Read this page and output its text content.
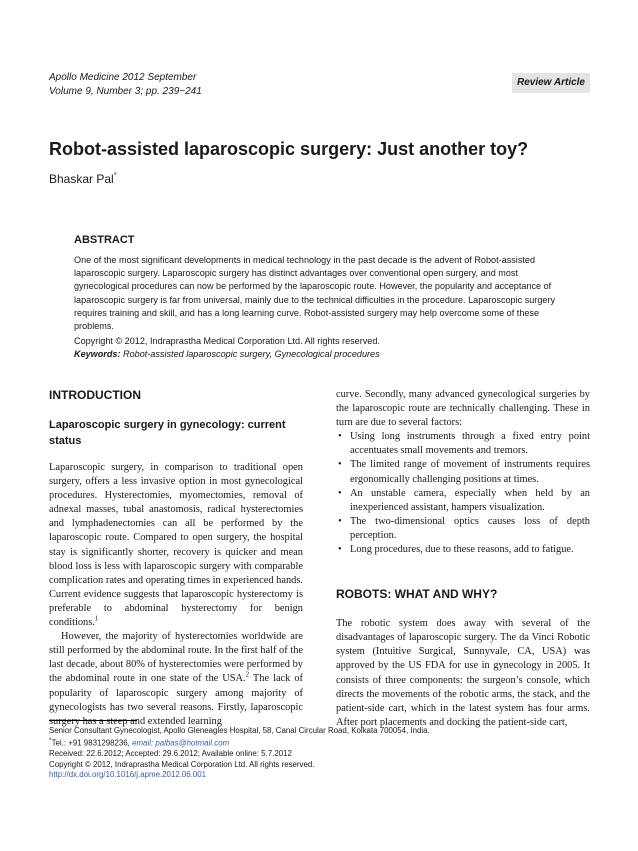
Apollo Medicine 2012 September
Volume 9, Number 3; pp. 239−241
Review Article
Robot-assisted laparoscopic surgery: Just another toy?
Bhaskar Pal*
ABSTRACT

One of the most significant developments in medical technology in the past decade is the advent of Robot-assisted laparoscopic surgery. Laparoscopic surgery has distinct advantages over conventional open surgery, and most gynecological procedures can now be performed by the laparoscopic route. However, the popularity and acceptance of laparoscopic surgery is far from universal, mainly due to the technical difficulties in the procedure. Laparoscopic surgery requires training and skill, and has a long learning curve. Robot-assisted surgery may help overcome some of these problems.

Copyright © 2012, Indraprastha Medical Corporation Ltd. All rights reserved.

Keywords: Robot-assisted laparoscopic surgery, Gynecological procedures

INTRODUCTION
Laparoscopic surgery in gynecology: current status

Laparoscopic surgery, in comparison to traditional open surgery, offers a less invasive option in most gynecological procedures. Hysterectomies, myomectomies, removal of adnexal masses, tubal anastomosis, radical hysterectomies and lymphadenectomies can all be performed by the laparoscopic route. Compared to open surgery, the hospital stay is significantly shorter, recovery is quicker and mean blood loss is less with laparoscopic surgery with comparable complication rates and operating times in experienced hands. Current evidence suggests that laparoscopic hysterectomy is preferable to abdominal hysterectomy for benign conditions.$^1$

However, the majority of hysterectomies worldwide are still performed by the abdominal route. In the first half of the last decade, about 80% of hysterectomies were performed by the abdominal route in one state of the USA.$^2$ The lack of popularity of laparoscopic surgery among majority of gynecologists has two several reasons. Firstly, laparoscopic surgery has a steep and extended learning

curve. Secondly, many advanced gynecological surgeries by the laparoscopic route are technically challenging. These in turn are due to several factors:

• Using long instruments through a fixed entry point accentuates small movements and tremors.
• The limited range of movement of instruments requires ergonomically challenging positions at times.
• An unstable camera, especially when held by an inexperienced assistant, hampers visualization.
• The two-dimensional optics causes loss of depth perception.
• Long procedures, due to these reasons, add to fatigue.
ROBOTS: WHAT AND WHY?

The robotic system does away with several of the disadvantages of laparoscopic surgery. The da Vinci Robotic system (Intuitive Surgical, Sunnyvale, CA, USA) was approved by the US FDA for use in gynecology in 2005. It consists of three components: the surgeon’s console, which directs the movements of the robotic arms, the stack, and the patient-side cart, which in the latest system has four arms. After port placements and docking the patient-side cart,

Senior Consultant Gynecologist, Apollo Gleneagles Hospital, 58, Canal Circular Road, Kolkata 700054, India.
*Tel.: +91 9831298236, email: palbas@hotmail.com
Received: 22.6.2012; Accepted: 29.6.2012; Available online: 5.7.2012
Copyright © 2012, Indraprastha Medical Corporation Ltd. All rights reserved.
http://dx.doi.org/10.1016/j.apme.2012.06.001
